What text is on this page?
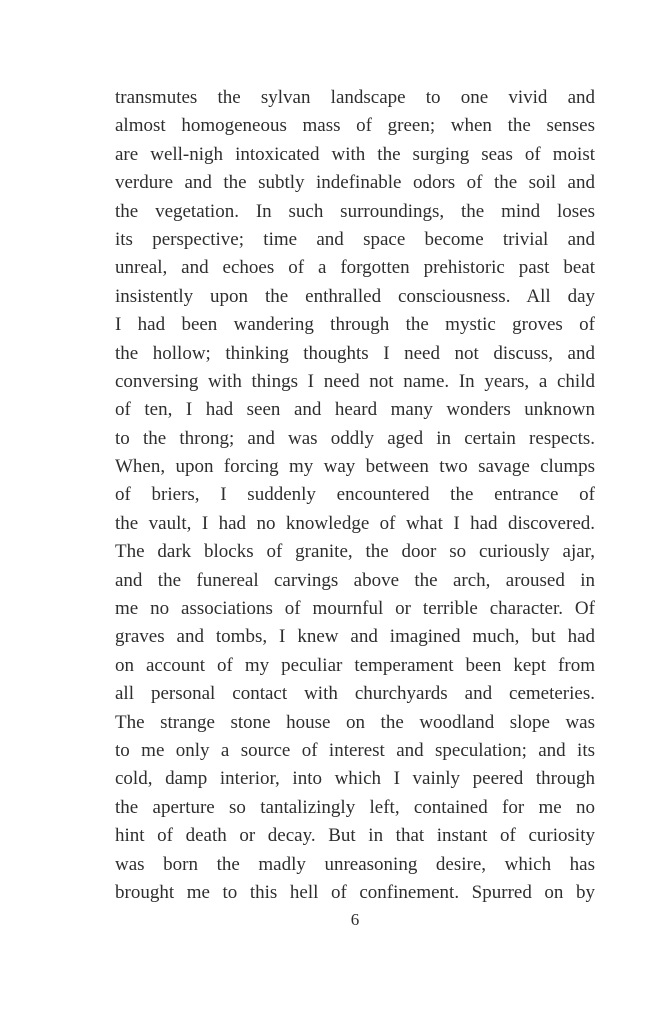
transmutes the sylvan landscape to one vivid and
almost homogeneous mass of green; when the senses
are well-nigh intoxicated with the surging seas of moist
verdure and the subtly indefinable odors of the soil and
the vegetation. In such surroundings, the mind loses
its perspective; time and space become trivial and
unreal, and echoes of a forgotten prehistoric past beat
insistently upon the enthralled consciousness. All day
I had been wandering through the mystic groves of
the hollow; thinking thoughts I need not discuss, and
conversing with things I need not name. In years, a child
of ten, I had seen and heard many wonders unknown
to the throng; and was oddly aged in certain respects.
When, upon forcing my way between two savage clumps
of briers, I suddenly encountered the entrance of
the vault, I had no knowledge of what I had discovered.
The dark blocks of granite, the door so curiously ajar,
and the funereal carvings above the arch, aroused in
me no associations of mournful or terrible character. Of
graves and tombs, I knew and imagined much, but had
on account of my peculiar temperament been kept from
all personal contact with churchyards and cemeteries.
The strange stone house on the woodland slope was
to me only a source of interest and speculation; and its
cold, damp interior, into which I vainly peered through
the aperture so tantalizingly left, contained for me no
hint of death or decay. But in that instant of curiosity
was born the madly unreasoning desire, which has
brought me to this hell of confinement. Spurred on by
6
